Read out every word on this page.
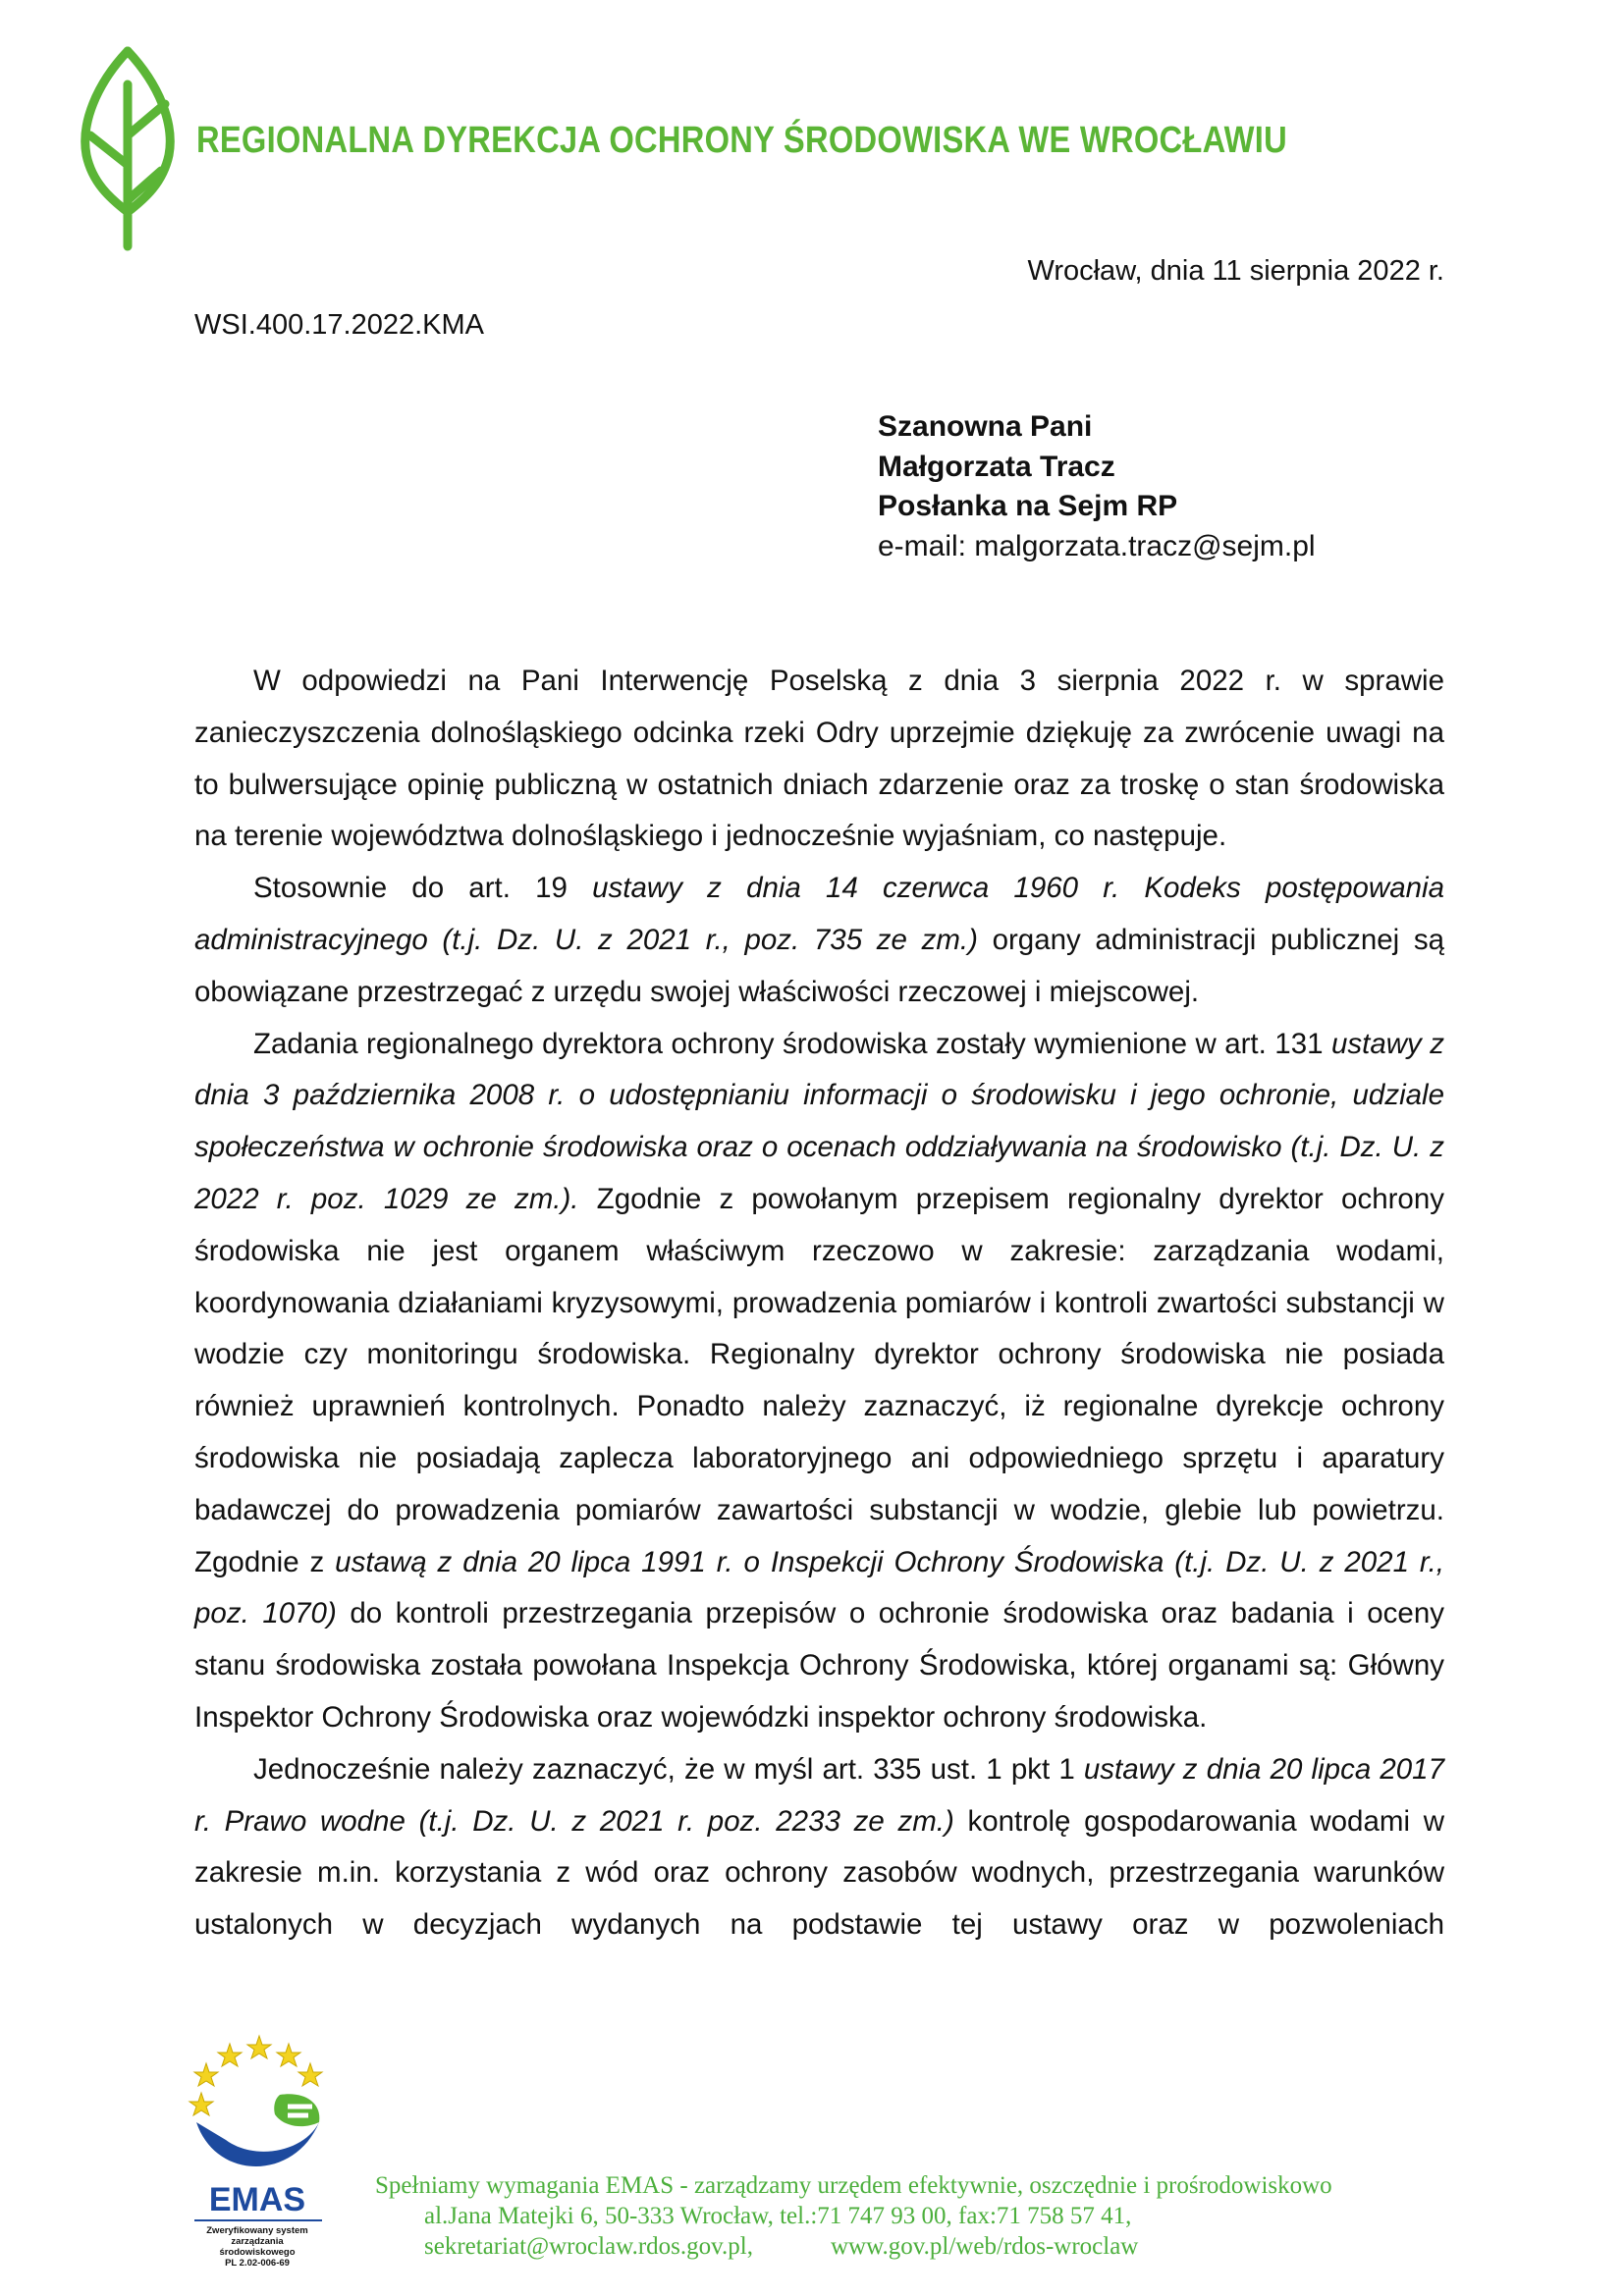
REGIONALNA DYREKCJA OCHRONY ŚRODOWISKA WE WROCŁAWIU
Wrocław, dnia 11 sierpnia 2022 r.
WSI.400.17.2022.KMA
Szanowna Pani
Małgorzata Tracz
Posłanka na Sejm RP
e-mail: malgorzata.tracz@sejm.pl

W odpowiedzi na Pani Interwencję Poselską z dnia 3 sierpnia 2022 r. w sprawie zanieczyszczenia dolnośląskiego odcinka rzeki Odry uprzejmie dziękuję za zwrócenie uwagi na to bulwersujące opinię publiczną w ostatnich dniach zdarzenie oraz za troskę o stan środowiska na terenie województwa dolnośląskiego i jednocześnie wyjaśniam, co następuje.

Stosownie do art. 19 ustawy z dnia 14 czerwca 1960 r. Kodeks postępowania administracyjnego (t.j. Dz. U. z 2021 r., poz. 735 ze zm.) organy administracji publicznej są obowiązane przestrzegać z urzędu swojej właściwości rzeczowej i miejscowej.

Zadania regionalnego dyrektora ochrony środowiska zostały wymienione w art. 131 ustawy z dnia 3 października 2008 r. o udostępnianiu informacji o środowisku i jego ochronie, udziale społeczeństwa w ochronie środowiska oraz o ocenach oddziaływania na środowisko (t.j. Dz. U. z 2022 r. poz. 1029 ze zm.). Zgodnie z powołanym przepisem regionalny dyrektor ochrony środowiska nie jest organem właściwym rzeczowo w zakresie: zarządzania wodami, koordynowania działaniami kryzysowymi, prowadzenia pomiarów i kontroli zwartości substancji w wodzie czy monitoringu środowiska. Regionalny dyrektor ochrony środowiska nie posiada również uprawnień kontrolnych. Ponadto należy zaznaczyć, iż regionalne dyrekcje ochrony środowiska nie posiadają zaplecza laboratoryjnego ani odpowiedniego sprzętu i aparatury badawczej do prowadzenia pomiarów zawartości substancji w wodzie, glebie lub powietrzu. Zgodnie z ustawą z dnia 20 lipca 1991 r. o Inspekcji Ochrony Środowiska (t.j. Dz. U. z 2021 r., poz. 1070) do kontroli przestrzegania przepisów o ochronie środowiska oraz badania i oceny stanu środowiska została powołana Inspekcja Ochrony Środowiska, której organami są: Główny Inspektor Ochrony Środowiska oraz wojewódzki inspektor ochrony środowiska.

Jednocześnie należy zaznaczyć, że w myśl art. 335 ust. 1 pkt 1 ustawy z dnia 20 lipca 2017 r. Prawo wodne (t.j. Dz. U. z 2021 r. poz. 2233 ze zm.) kontrolę gospodarowania wodami w zakresie m.in. korzystania z wód oraz ochrony zasobów wodnych, przestrzegania warunków ustalonych w decyzjach wydanych na podstawie tej ustawy oraz w pozwoleniach

EMAS
Zweryfikowany system
zarządzania
środowiskowego
PL 2.02-006-69
Spełniamy wymagania EMAS - zarządzamy urzędem efektywnie, oszczędnie i prośrodowiskowo
al.Jana Matejki 6, 50-333 Wrocław, tel.:71 747 93 00, fax:71 758 57 41,
sekretariat@wroclaw.rdos.gov.pl,	www.gov.pl/web/rdos-wroclaw
